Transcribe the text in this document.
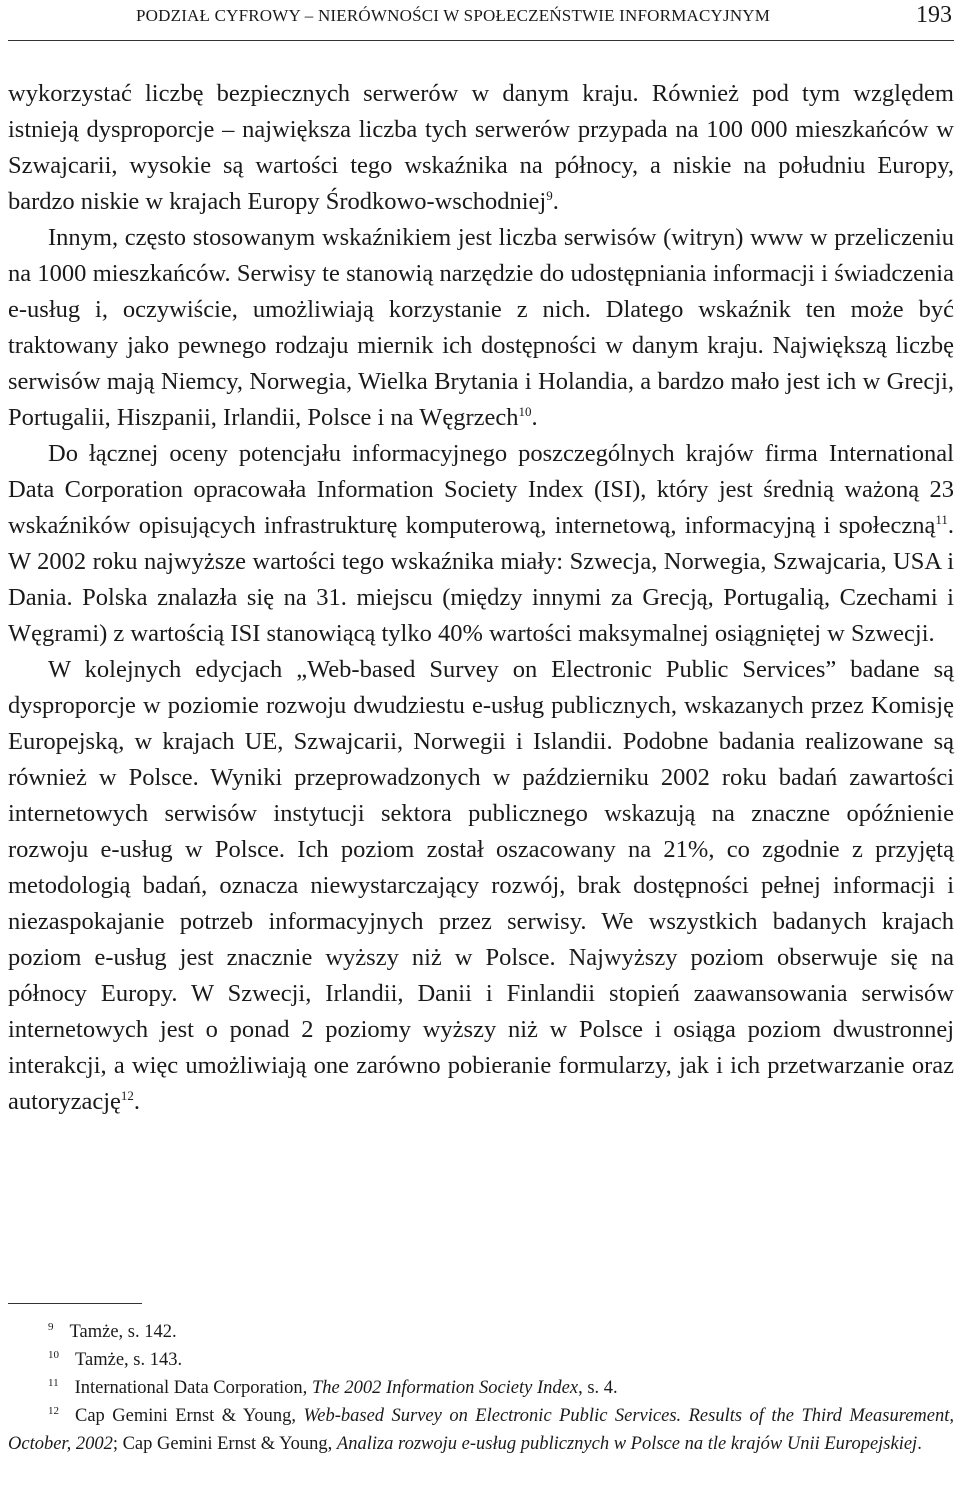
PODZIAŁ CYFROWY – NIERÓWNOŚCI W SPOŁECZEŃSTWIE INFORMACYJNYM	193

wykorzystać liczbę bezpiecznych serwerów w danym kraju. Również pod tym względem istnieją dysproporcje – największa liczba tych serwerów przypada na 100 000 mieszkańców w Szwajcarii, wysokie są wartości tego wskaźnika na północy, a niskie na południu Europy, bardzo niskie w krajach Europy Środkowo-wschodniej$^9$.

Innym, często stosowanym wskaźnikiem jest liczba serwisów (witryn) www w przeliczeniu na 1000 mieszkańców. Serwisy te stanowią narzędzie do udostępniania informacji i świadczenia e-usług i, oczywiście, umożliwiają korzystanie z nich. Dlatego wskaźnik ten może być traktowany jako pewnego rodzaju miernik ich dostępności w danym kraju. Największą liczbę serwisów mają Niemcy, Norwegia, Wielka Brytania i Holandia, a bardzo mało jest ich w Grecji, Portugalii, Hiszpanii, Irlandii, Polsce i na Węgrzech$^{10}$.

Do łącznej oceny potencjału informacyjnego poszczególnych krajów firma International Data Corporation opracowała Information Society Index (ISI), który jest średnią ważoną 23 wskaźników opisujących infrastrukturę komputerową, internetową, informacyjną i społeczną$^{11}$. W 2002 roku najwyższe wartości tego wskaźnika miały: Szwecja, Norwegia, Szwajcaria, USA i Dania. Polska znalazła się na 31. miejscu (między innymi za Grecją, Portugalią, Czechami i Węgrami) z wartością ISI stanowiącą tylko 40% wartości maksymalnej osiągniętej w Szwecji.

W kolejnych edycjach „Web-based Survey on Electronic Public Services” badane są dysproporcje w poziomie rozwoju dwudziestu e-usług publicznych, wskazanych przez Komisję Europejską, w krajach UE, Szwajcarii, Norwegii i Islandii. Podobne badania realizowane są również w Polsce. Wyniki przeprowadzonych w październiku 2002 roku badań zawartości internetowych serwisów instytucji sektora publicznego wskazują na znaczne opóźnienie rozwoju e-usług w Polsce. Ich poziom został oszacowany na 21%, co zgodnie z przyjętą metodologią badań, oznacza niewystarczający rozwój, brak dostępności pełnej informacji i niezaspokajanie potrzeb informacyjnych przez serwisy. We wszystkich badanych krajach poziom e-usług jest znacznie wyższy niż w Polsce. Najwyższy poziom obserwuje się na północy Europy. W Szwecji, Irlandii, Danii i Finlandii stopień zaawansowania serwisów internetowych jest o ponad 2 poziomy wyższy niż w Polsce i osiąga poziom dwustronnej interakcji, a więc umożliwiają one zarówno pobieranie formularzy, jak i ich przetwarzanie oraz autoryzację$^{12}$.

$^9$ Tamże, s. 142.

$^{10}$ Tamże, s. 143.

$^{11}$ International Data Corporation, The 2002 Information Society Index, s. 4.

$^{12}$ Cap Gemini Ernst & Young, Web-based Survey on Electronic Public Services. Results of the Third Measurement, October, 2002; Cap Gemini Ernst & Young, Analiza rozwoju e-usług publicznych w Polsce na tle krajów Unii Europejskiej.
